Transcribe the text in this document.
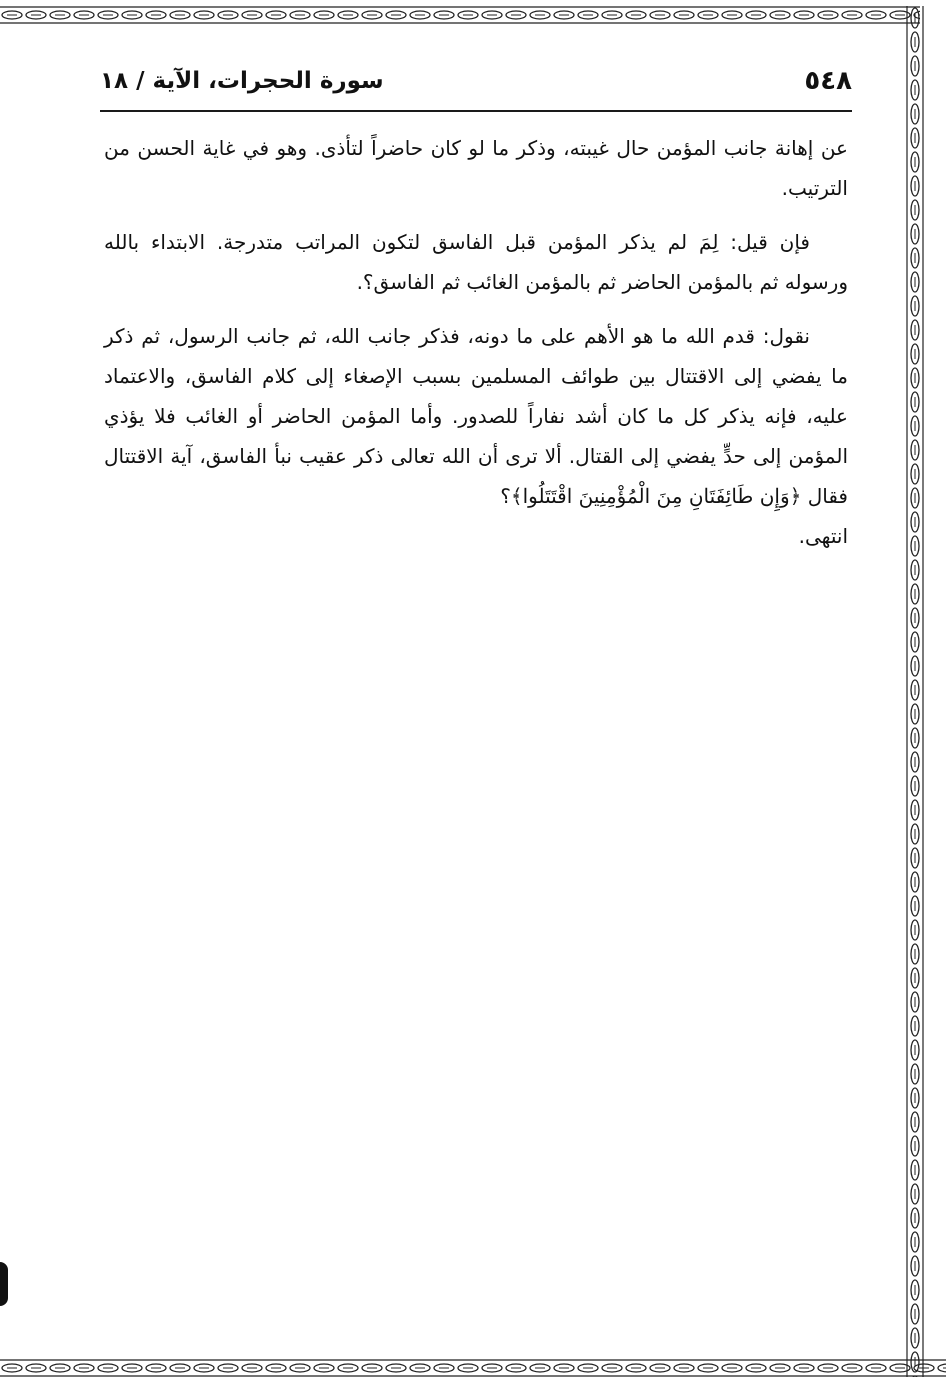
٥٤٨
سورة الحجرات، الآية / ١٨

عن إهانة جانب المؤمن حال غيبته، وذكر ما لو كان حاضراً لتأذى. وهو في غاية الحسن من الترتيب.

فإن قيل: لِمَ لم يذكر المؤمن قبل الفاسق لتكون المراتب متدرجة. الابتداء بالله ورسوله ثم بالمؤمن الحاضر ثم بالمؤمن الغائب ثم الفاسق؟.

نقول: قدم الله ما هو الأهم على ما دونه، فذكر جانب الله، ثم جانب الرسول، ثم ذكر ما يفضي إلى الاقتتال بين طوائف المسلمين بسبب الإصغاء إلى كلام الفاسق، والاعتماد عليه، فإنه يذكر كل ما كان أشد نفاراً للصدور. وأما المؤمن الحاضر أو الغائب فلا يؤذي المؤمن إلى حدٍّ يفضي إلى القتال. ألا ترى أن الله تعالى ذكر عقيب نبأ الفاسق، آية الاقتتال فقال ﴿وَإِن طَائِفَتَانِ مِنَ الْمُؤْمِنِينَ اقْتَتَلُوا﴾؟

انتهى.
